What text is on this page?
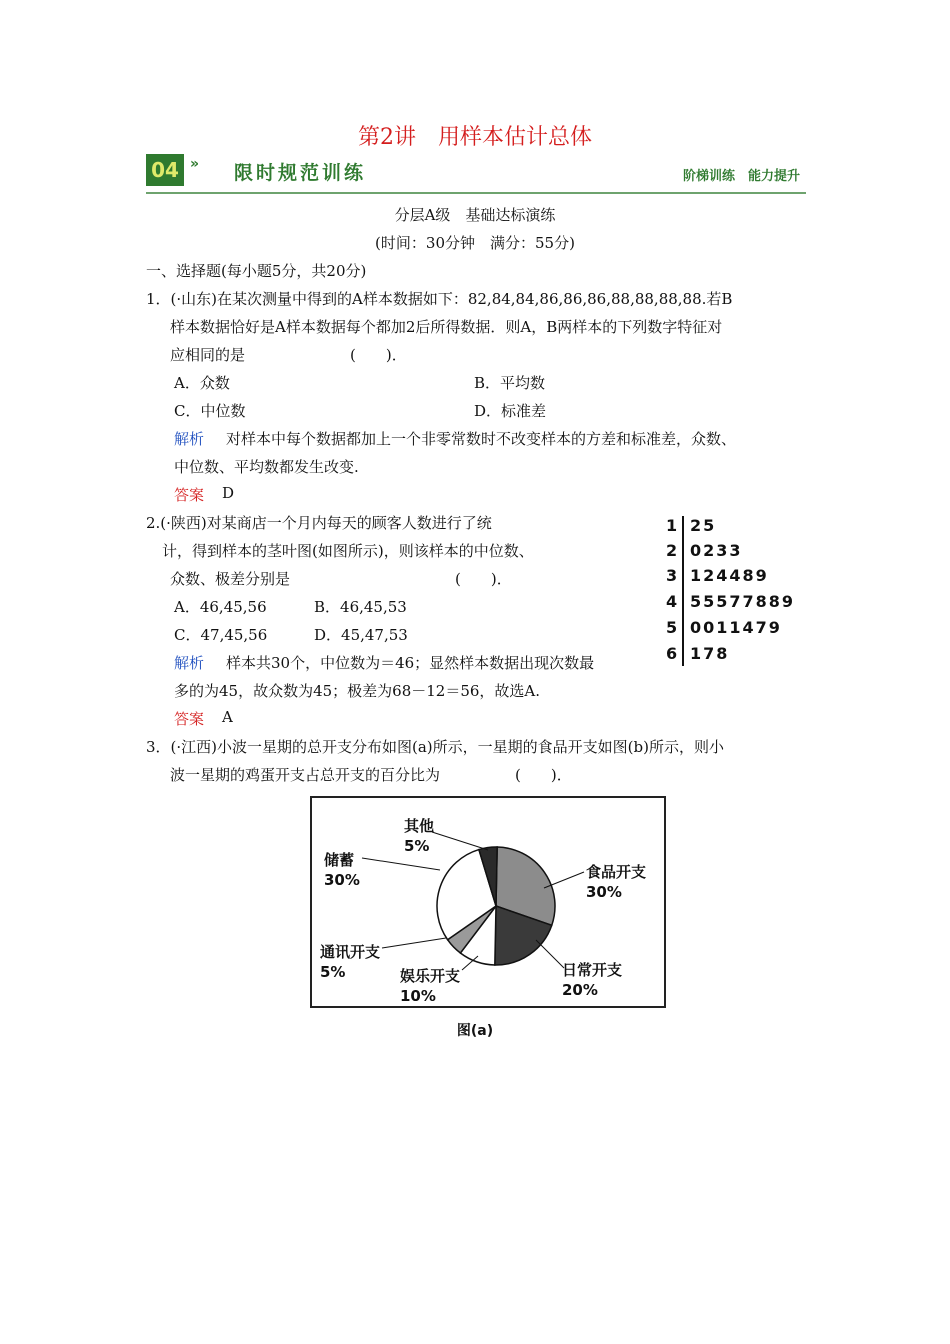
第2讲　用样本估计总体
04 » 限时规范训练	阶梯训练　能力提升
分层A级　基础达标演练
(时间：30分钟　满分：55分)
一、选择题(每小题5分，共20分)
1．(·山东)在某次测量中得到的A样本数据如下：82,84,84,86,86,86,88,88,88,88.若B
样本数据恰好是A样本数据每个都加2后所得数据．则A，B两样本的下列数字特征对
应相同的是　　　　　　　(　　)．
A．众数	B．平均数
C．中位数	D．标准差
解析 对样本中每个数据都加上一个非零常数时不改变样本的方差和标准差，众数、
中位数、平均数都发生改变.
答案 D
2.(·陕西)对某商店一个月内每天的顾客人数进行了统
计，得到样本的茎叶图(如图所示)，则该样本的中位数、
众数、极差分别是　　　　　　　　　　　(　　)．
A．46,45,56	B．46,45,53
C．47,45,56	D．45,47,53
解析 样本共30个，中位数为＝46；显然样本数据出现次数最
多的为45，故众数为45；极差为68－12＝56，故选A.
答案 A
1 25
2 0233
3 124489
4 55577889
5 0011479
6 178
3．(·江西)小波一星期的总开支分布如图(a)所示，一星期的食品开支如图(b)所示，则小
波一星期的鸡蛋开支占总开支的百分比为　　　　　(　　)．
其他
5%
储蓄
30%	食品开支
30%
通讯开支
5%	娱乐开支
10%
日常开支
20%
图(a)
